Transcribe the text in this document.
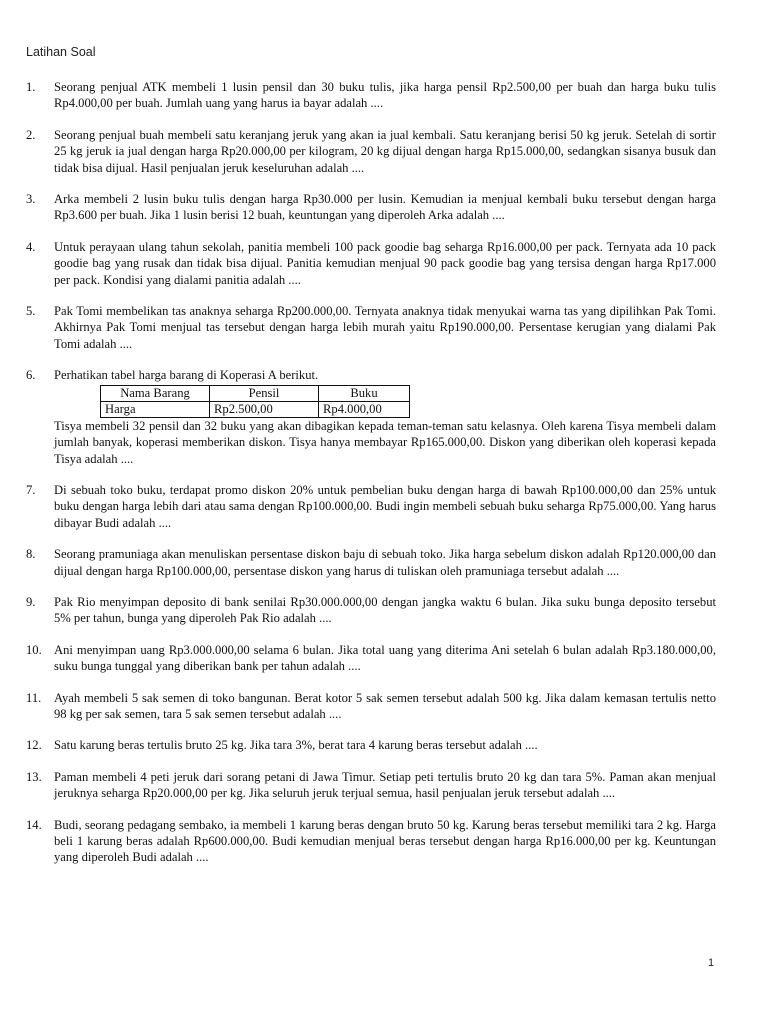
Latihan Soal
1.	Seorang penjual ATK membeli 1 lusin pensil dan 30 buku tulis, jika harga pensil Rp2.500,00 per buah dan harga buku tulis Rp4.000,00 per buah. Jumlah uang yang harus ia bayar adalah ....

2.	Seorang penjual buah membeli satu keranjang jeruk yang akan ia jual kembali. Satu keranjang berisi 50 kg jeruk. Setelah di sortir 25 kg jeruk ia jual dengan harga Rp20.000,00 per kilogram, 20 kg dijual dengan harga Rp15.000,00, sedangkan sisanya busuk dan tidak bisa dijual. Hasil penjualan jeruk keseluruhan adalah ....

3.	Arka membeli 2 lusin buku tulis dengan harga Rp30.000 per lusin. Kemudian ia menjual kembali buku tersebut dengan harga Rp3.600 per buah. Jika 1 lusin berisi 12 buah, keuntungan yang diperoleh Arka adalah ....

4.	Untuk perayaan ulang tahun sekolah, panitia membeli 100 pack goodie bag seharga Rp16.000,00 per pack. Ternyata ada 10 pack goodie bag yang rusak dan tidak bisa dijual. Panitia kemudian menjual 90 pack goodie bag yang tersisa dengan harga Rp17.000 per pack. Kondisi yang dialami panitia adalah ....

5.	Pak Tomi membelikan tas anaknya seharga Rp200.000,00. Ternyata anaknya tidak menyukai warna tas yang dipilihkan Pak Tomi. Akhirnya Pak Tomi menjual tas tersebut dengan harga lebih murah yaitu Rp190.000,00. Persentase kerugian yang dialami Pak Tomi adalah ....

6.	Perhatikan tabel harga barang di Koperasi A berikut.

Nama Barang	Pensil	Buku
Harga	Rp2.500,00	Rp4.000,00

Tisya membeli 32 pensil dan 32 buku yang akan dibagikan kepada teman-teman satu kelasnya. Oleh karena Tisya membeli dalam jumlah banyak, koperasi memberikan diskon. Tisya hanya membayar Rp165.000,00. Diskon yang diberikan oleh koperasi kepada Tisya adalah ....

7.	Di sebuah toko buku, terdapat promo diskon 20% untuk pembelian buku dengan harga di bawah Rp100.000,00 dan 25% untuk buku dengan harga lebih dari atau sama dengan Rp100.000,00. Budi ingin membeli sebuah buku seharga Rp75.000,00. Yang harus dibayar Budi adalah ....

8.	Seorang pramuniaga akan menuliskan persentase diskon baju di sebuah toko. Jika harga sebelum diskon adalah Rp120.000,00 dan dijual dengan harga Rp100.000,00, persentase diskon yang harus di tuliskan oleh pramuniaga tersebut adalah ....

9.	Pak Rio menyimpan deposito di bank senilai Rp30.000.000,00 dengan jangka waktu 6 bulan. Jika suku bunga deposito tersebut 5% per tahun, bunga yang diperoleh Pak Rio adalah ....

10. Ani menyimpan uang Rp3.000.000,00 selama 6 bulan. Jika total uang yang diterima Ani setelah 6 bulan adalah Rp3.180.000,00, suku bunga tunggal yang diberikan bank per tahun adalah ....

11.	Ayah membeli 5 sak semen di toko bangunan. Berat kotor 5 sak semen tersebut adalah 500 kg. Jika dalam kemasan tertulis netto 98 kg per sak semen, tara 5 sak semen tersebut adalah ....

12. Satu karung beras tertulis bruto 25 kg. Jika tara 3%, berat tara 4 karung beras tersebut adalah ....

13. Paman membeli 4 peti jeruk dari sorang petani di Jawa Timur. Setiap peti tertulis bruto 20 kg dan tara 5%. Paman akan menjual jeruknya seharga Rp20.000,00 per kg. Jika seluruh jeruk terjual semua, hasil penjualan jeruk tersebut adalah ....

14. Budi, seorang pedagang sembako, ia membeli 1 karung beras dengan bruto 50 kg. Karung beras tersebut memiliki tara 2 kg. Harga beli 1 karung beras adalah Rp600.000,00. Budi kemudian menjual beras tersebut dengan harga Rp16.000,00 per kg. Keuntungan yang diperoleh Budi adalah ....

1
